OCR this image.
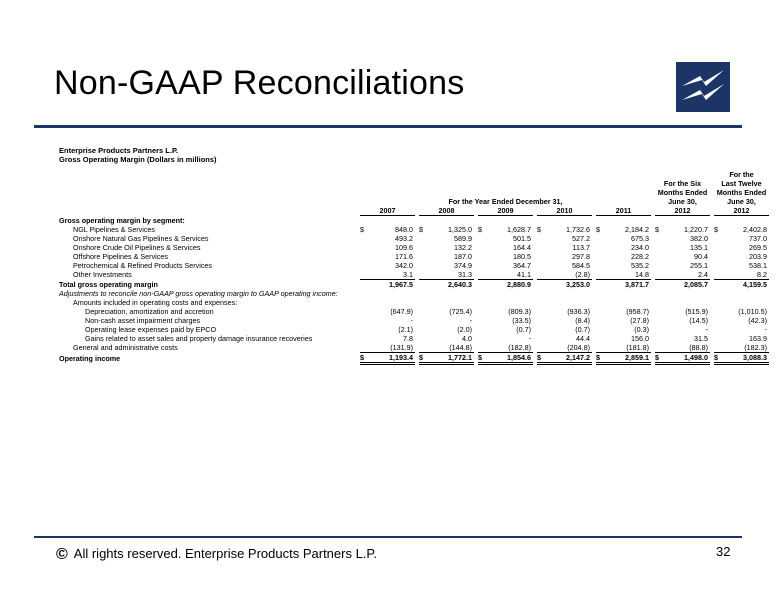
Non-GAAP Reconciliations
Enterprise Products Partners L.P.
Gross Operating Margin (Dollars in millions)
																			For the	
																For the Six			Last Twelve	
																Months Ended			Months Ended	
	For the Year Ended December 31,															June 30,			June 30,	
	2007			2008			2009			2010			2011			2012			2012	
Gross operating margin by segment:																				
NGL Pipelines & Services	$	848.0		$	1,325.0		$	1,628.7		$	1,732.6		$	2,184.2		$	1,220.7		$	2,402.8
Onshore Natural Gas Pipelines & Services		493.2			589.9			501.5			527.2			675.3			382.0			737.0
Onshore Crude Oil Pipelines & Services		109.6			132.2			164.4			113.7			234.0			135.1			269.5
Offshore Pipelines & Services		171.6			187.0			180.5			297.8			228.2			90.4			203.9
Petrochemical & Refined Products Services		342.0			374.9			364.7			584.5			535.2			255.1			538.1
Other Investments		3.1			31.3			41.1			(2.8)			14.8			2.4			8.2
Total gross operating margin		1,967.5			2,640.3			2,880.9			3,253.0			3,871.7			2,085.7			4,159.5
Adjustments to reconcile non-GAAP gross operating margin to GAAP operating income:																				
Amounts included in operating costs and expenses:																				
Depreciation, amortization and accretion		(647.9)			(725.4)			(809.3)			(936.3)			(958.7)			(515.9)			(1,010.5)
Non-cash asset impairment charges		-			-			(33.5)			(8.4)			(27.8)			(14.5)			(42.3)
Operating lease expenses paid by EPCO		(2.1)			(2.0)			(0.7)			(0.7)			(0.3)			-			-
Gains related to asset sales and property damage insurance recoveries		7.8			4.0			-			44.4			156.0			31.5			163.9
General and administrative costs		(131.9)			(144.8)			(182.8)			(204.8)			(181.8)			(88.8)			(182.3)
Operating income	$	1,193.4		$	1,772.1		$	1,854.6		$	2,147.2		$	2,859.1		$	1,498.0		$	3,088.3
© All rights reserved. Enterprise Products Partners L.P.	32
